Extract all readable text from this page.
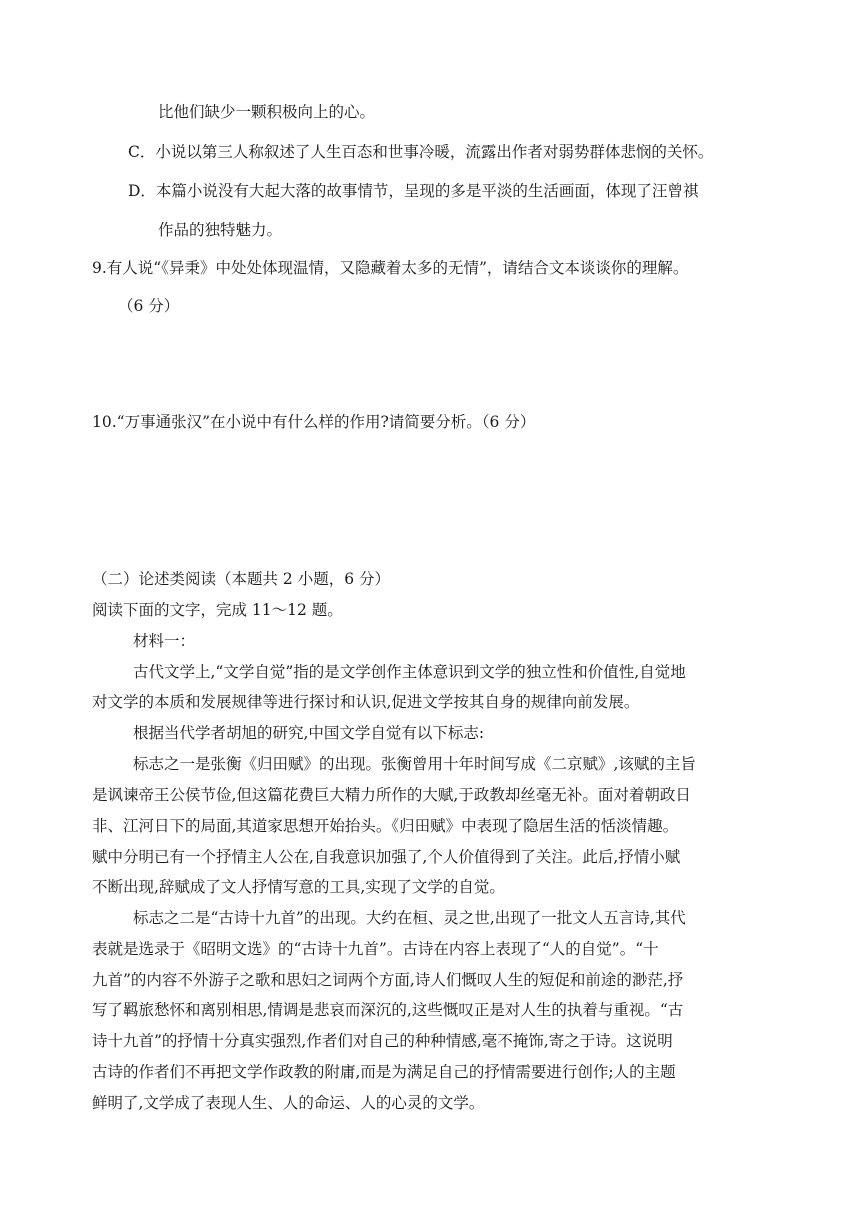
比他们缺少一颗积极向上的心。
C．小说以第三人称叙述了人生百态和世事冷暖，流露出作者对弱势群体悲悯的关怀。
D．本篇小说没有大起大落的故事情节，呈现的多是平淡的生活画面，体现了汪曾祺
作品的独特魅力。
9.有人说“《异秉》中处处体现温情，又隐藏着太多的无情”，请结合文本谈谈你的理解。
（6 分）
10.“万事通张汉”在小说中有什么样的作用?请简要分析。（6 分）
（二）论述类阅读（本题共 2 小题，6 分）
阅读下面的文字，完成 11～12 题。
材料一：
古代文学上,“文学自觉”指的是文学创作主体意识到文学的独立性和价值性,自觉地
对文学的本质和发展规律等进行探讨和认识,促进文学按其自身的规律向前发展。
根据当代学者胡旭的研究,中国文学自觉有以下标志:
标志之一是张衡《归田赋》的出现。张衡曾用十年时间写成《二京赋》,该赋的主旨
是讽谏帝王公侯节俭,但这篇花费巨大精力所作的大赋,于政教却丝毫无补。面对着朝政日
非、江河日下的局面,其道家思想开始抬头。《归田赋》中表现了隐居生活的恬淡情趣。
赋中分明已有一个抒情主人公在,自我意识加强了,个人价值得到了关注。此后,抒情小赋
不断出现,辞赋成了文人抒情写意的工具,实现了文学的自觉。
标志之二是“古诗十九首”的出现。大约在桓、灵之世,出现了一批文人五言诗,其代
表就是选录于《昭明文选》的“古诗十九首”。古诗在内容上表现了“人的自觉”。“十
九首”的内容不外游子之歌和思妇之词两个方面,诗人们慨叹人生的短促和前途的渺茫,抒
写了羁旅愁怀和离别相思,情调是悲哀而深沉的,这些慨叹正是对人生的执着与重视。“古
诗十九首”的抒情十分真实强烈,作者们对自己的种种情感,毫不掩饰,寄之于诗。这说明
古诗的作者们不再把文学作政教的附庸,而是为满足自己的抒情需要进行创作;人的主题
鲜明了,文学成了表现人生、人的命运、人的心灵的文学。
